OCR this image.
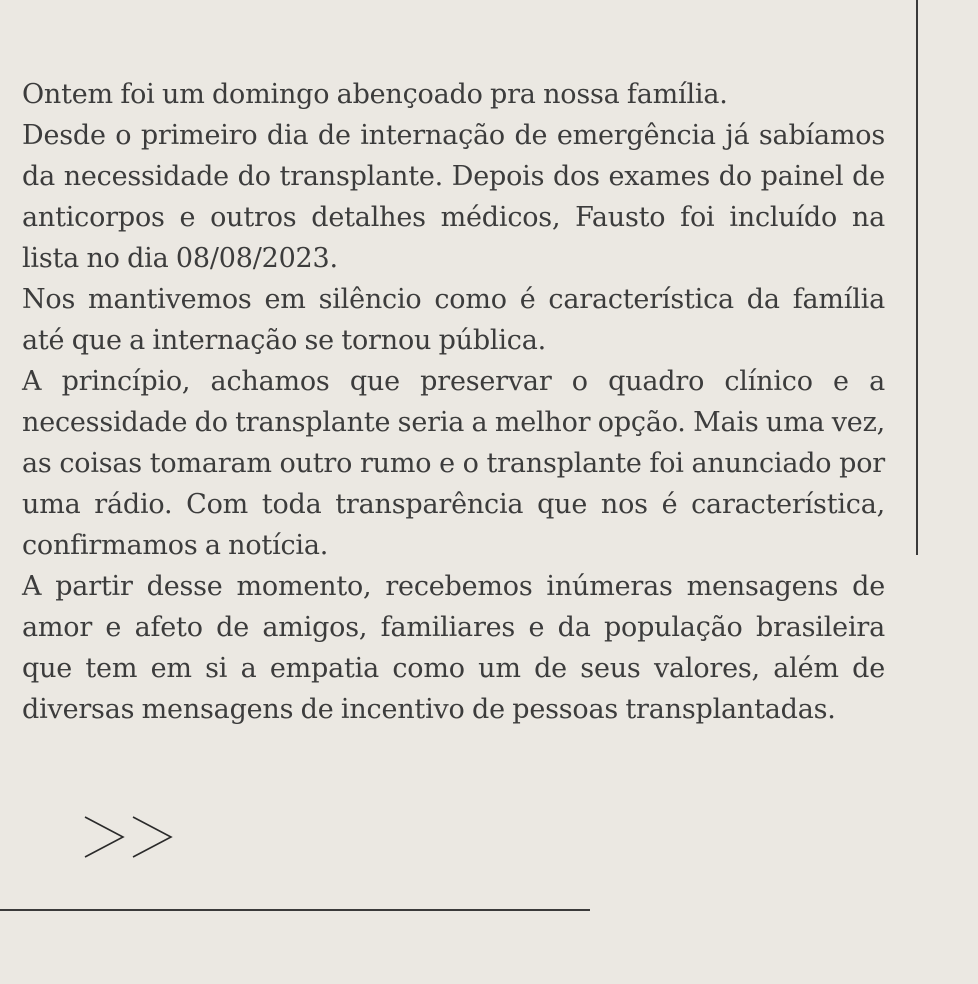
Ontem foi um domingo abençoado pra nossa família.

Desde o primeiro dia de internação de emergência já sabíamos da necessidade do transplante. Depois dos exames do painel de anticorpos e outros detalhes médicos, Fausto foi incluído na lista no dia 08/08/2023.

Nos mantivemos em silêncio como é característica da família até que a internação se tornou pública.

A princípio, achamos que preservar o quadro clínico e a necessidade do transplante seria a melhor opção. Mais uma vez, as coisas tomaram outro rumo e o transplante foi anunciado por uma rádio. Com toda transparência que nos é característica, confirmamos a notícia.

A partir desse momento, recebemos inúmeras mensagens de amor e afeto de amigos, familiares e da população brasileira que tem em si a empatia como um de seus valores, além de diversas mensagens de incentivo de pessoas transplantadas.
